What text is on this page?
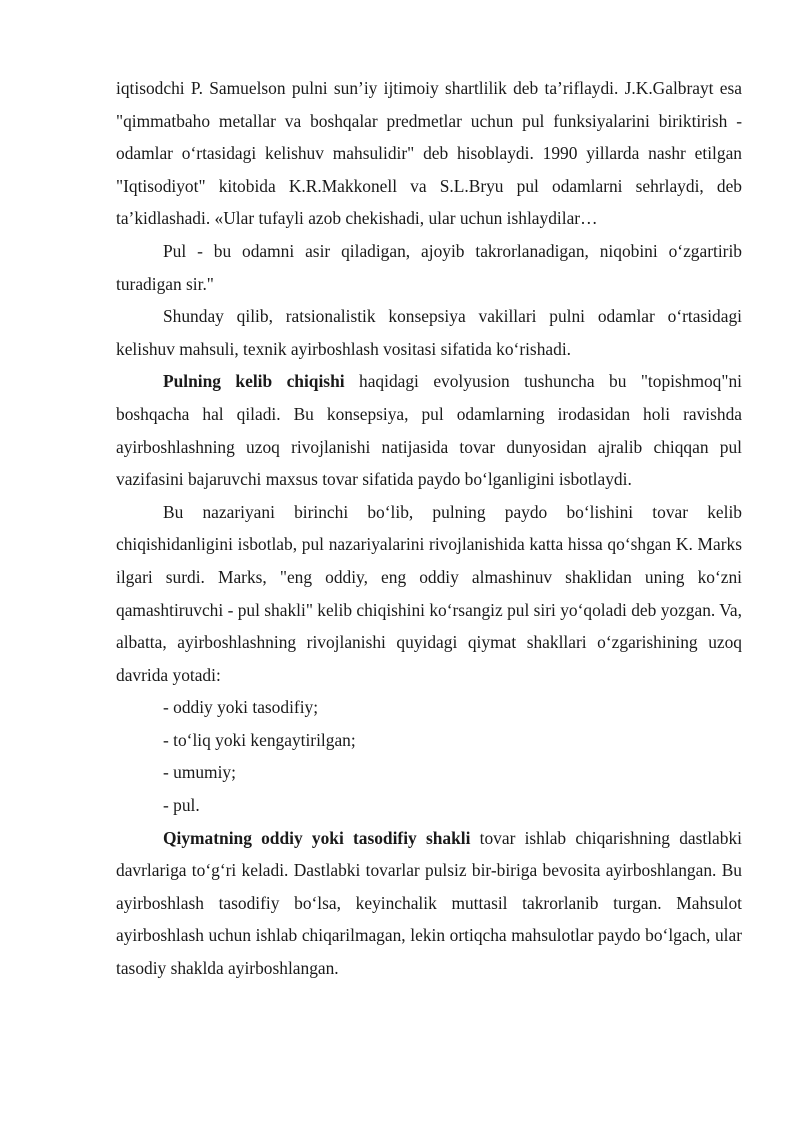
iqtisodchi P. Samuelson pulni sun’iy ijtimoiy shartlilik deb ta’riflaydi. J.K.Galbrayt esa "qimmatbaho metallar va boshqalar predmetlar uchun pul funksiyalarini biriktirish - odamlar o‘rtasidagi kelishuv mahsulidir" deb hisoblaydi. 1990 yillarda nashr etilgan "Iqtisodiyot" kitobida K.R.Makkonell va S.L.Bryu pul odamlarni sehrlaydi, deb ta’kidlashadi. «Ular tufayli azob chekishadi, ular uchun ishlaydilar…

Pul - bu odamni asir qiladigan, ajoyib takrorlanadigan, niqobini o‘zgartirib turadigan sir."

Shunday qilib, ratsionalistik konsepsiya vakillari pulni odamlar o‘rtasidagi kelishuv mahsuli, texnik ayirboshlash vositasi sifatida ko‘rishadi.

Pulning kelib chiqishi haqidagi evolyusion tushuncha bu "topishmoq"ni boshqacha hal qiladi. Bu konsepsiya, pul odamlarning irodasidan holi ravishda ayirboshlashning uzoq rivojlanishi natijasida tovar dunyosidan ajralib chiqqan pul vazifasini bajaruvchi maxsus tovar sifatida paydo bo‘lganligini isbotlaydi.

Bu nazariyani birinchi bo‘lib, pulning paydo bo‘lishini tovar kelib chiqishidanligini isbotlab, pul nazariyalarini rivojlanishida katta hissa qo‘shgan K. Marks ilgari surdi. Marks, "eng oddiy, eng oddiy almashinuv shaklidan uning ko‘zni qamashtiruvchi - pul shakli" kelib chiqishini ko‘rsangiz pul siri yo‘qoladi deb yozgan. Va, albatta, ayirboshlashning rivojlanishi quyidagi qiymat shakllari o‘zgarishining uzoq davrida yotadi:

- oddiy yoki tasodifiy;

- to‘liq yoki kengaytirilgan;

- umumiy;

- pul.

Qiymatning oddiy yoki tasodifiy shakli tovar ishlab chiqarishning dastlabki davrlariga to‘g‘ri keladi. Dastlabki tovarlar pulsiz bir-biriga bevosita ayirboshlangan. Bu ayirboshlash tasodifiy bo‘lsa, keyinchalik muttasil takrorlanib turgan. Mahsulot ayirboshlash uchun ishlab chiqarilmagan, lekin ortiqcha mahsulotlar paydo bo‘lgach, ular tasodiy shaklda ayirboshlangan.
